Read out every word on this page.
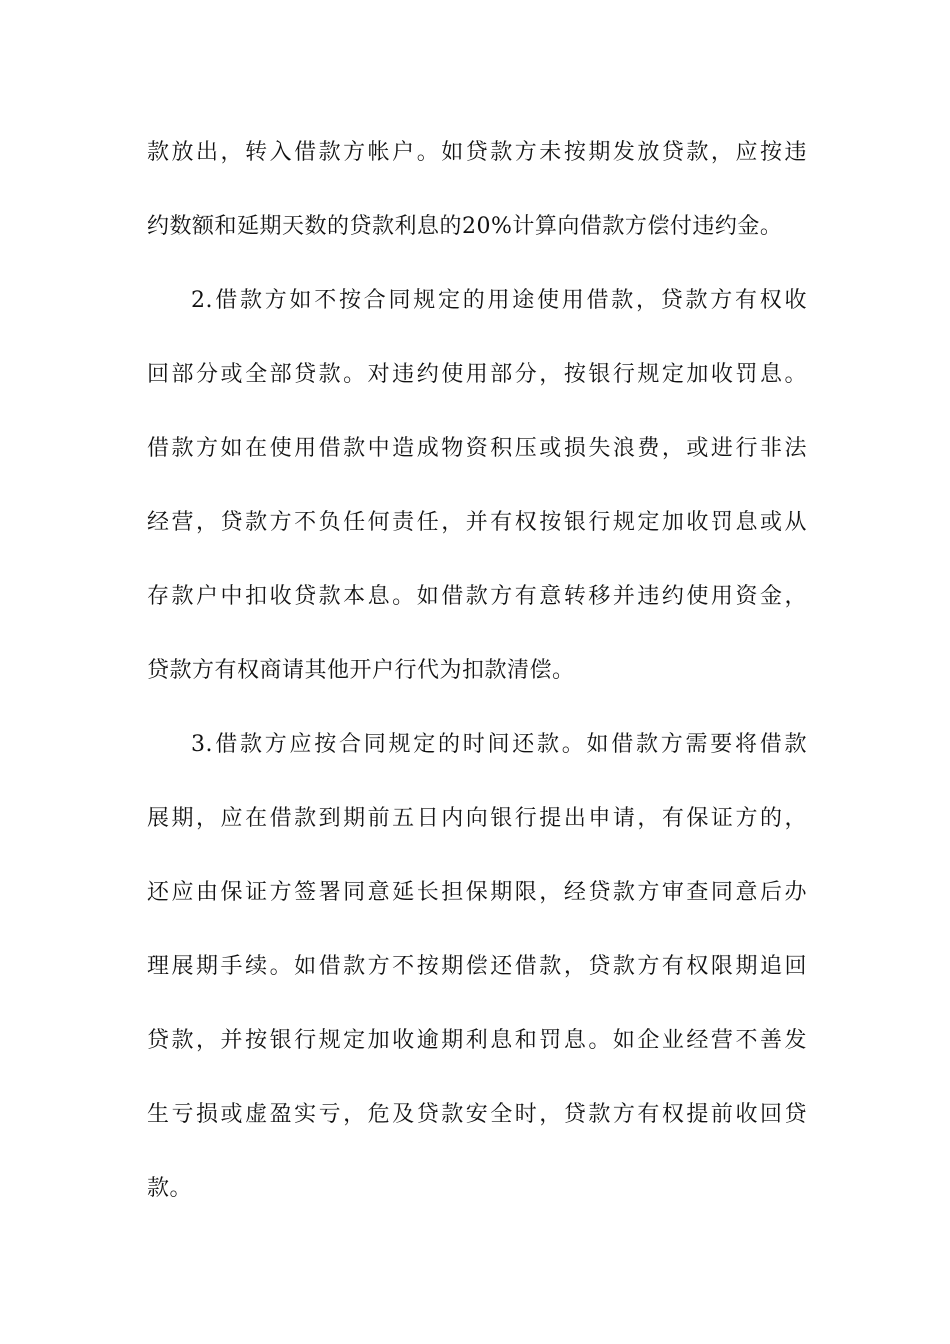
款放出，转入借款方帐户。如贷款方未按期发放贷款，应按违
约数额和延期天数的贷款利息的20%计算向借款方偿付违约金。
2.借款方如不按合同规定的用途使用借款，贷款方有权收
回部分或全部贷款。对违约使用部分，按银行规定加收罚息。
借款方如在使用借款中造成物资积压或损失浪费，或进行非法
经营，贷款方不负任何责任，并有权按银行规定加收罚息或从
存款户中扣收贷款本息。如借款方有意转移并违约使用资金，
贷款方有权商请其他开户行代为扣款清偿。
3.借款方应按合同规定的时间还款。如借款方需要将借款
展期，应在借款到期前五日内向银行提出申请，有保证方的，
还应由保证方签署同意延长担保期限，经贷款方审查同意后办
理展期手续。如借款方不按期偿还借款，贷款方有权限期追回
贷款，并按银行规定加收逾期利息和罚息。如企业经营不善发
生亏损或虚盈实亏，危及贷款安全时，贷款方有权提前收回贷
款。
